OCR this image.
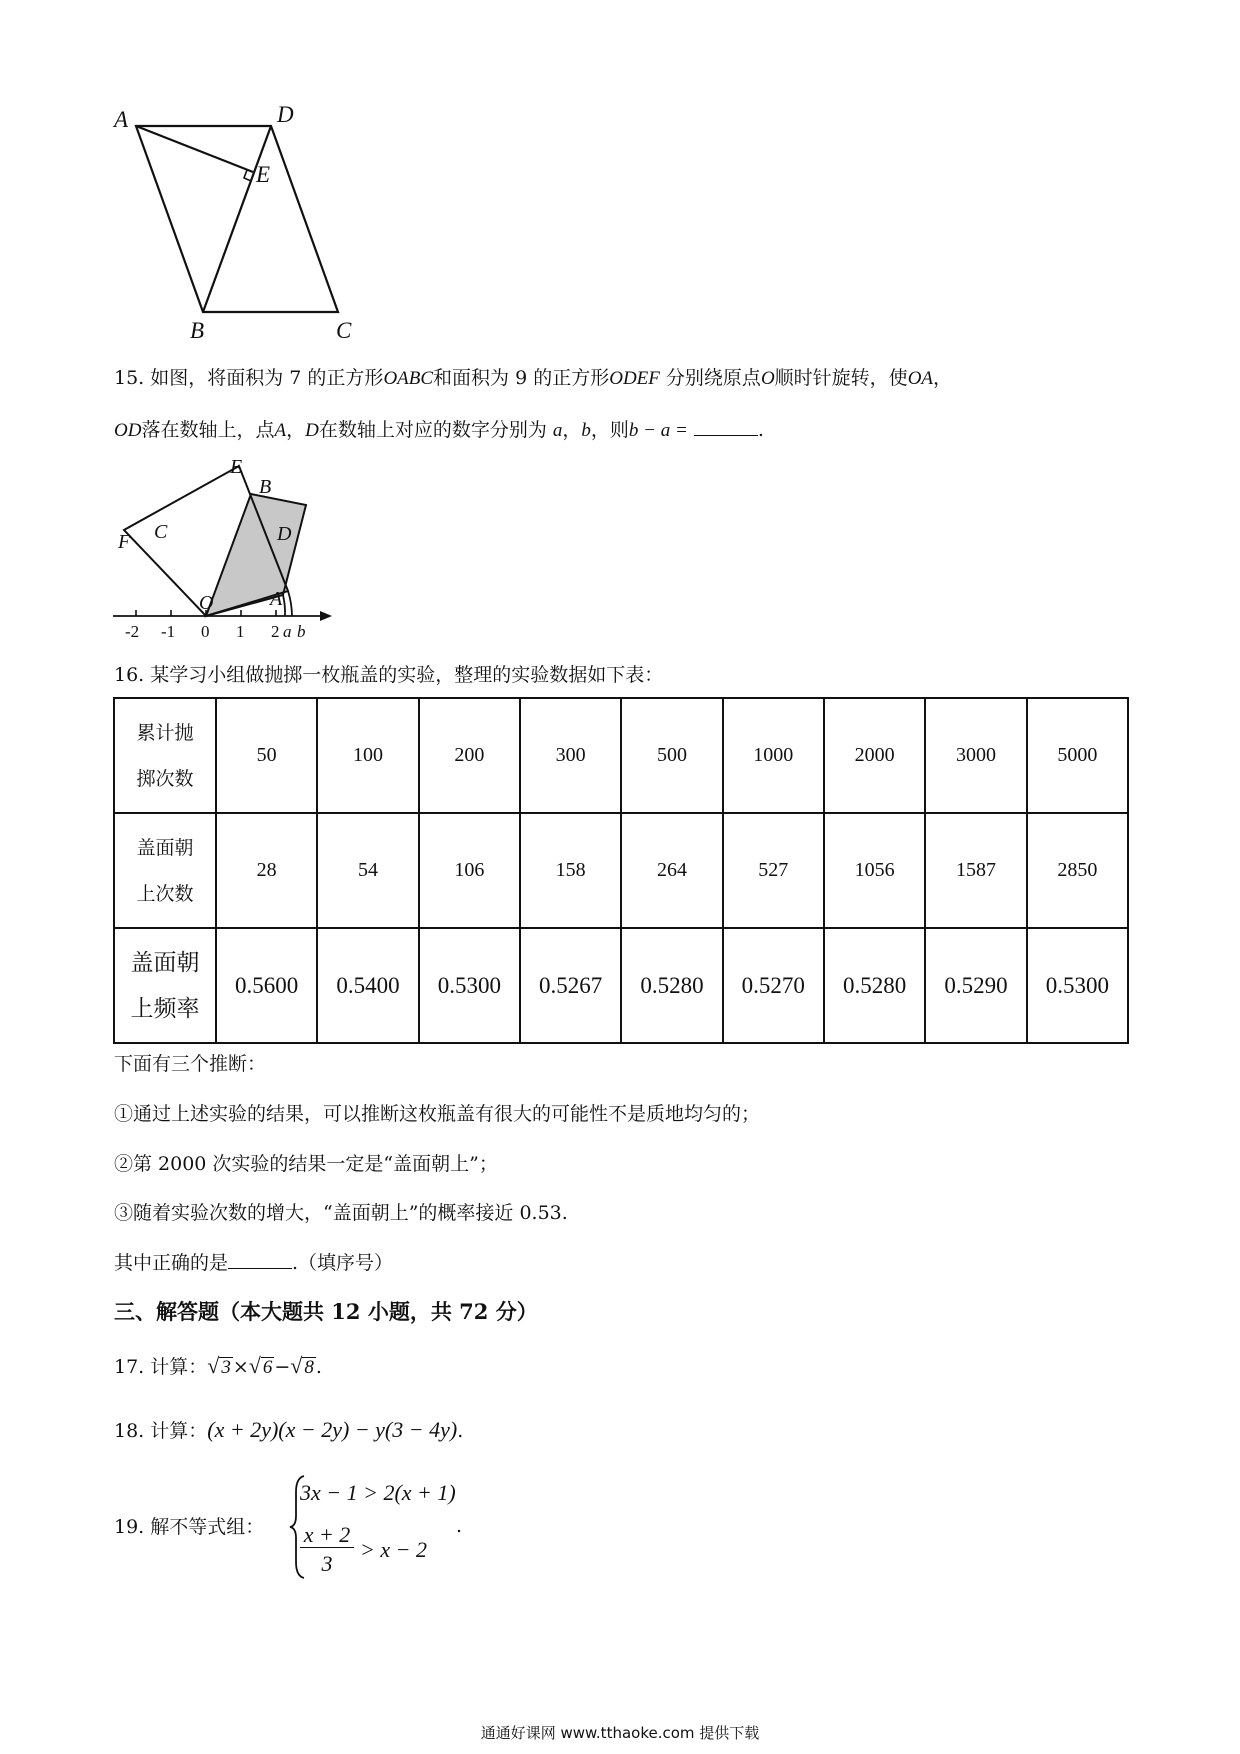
A	D
E
B	C
15. 如图，将面积为 7 的正方形OABC和面积为 9 的正方形ODEF 分别绕原点O顺时针旋转，使OA，
OD落在数轴上，点A，D在数轴上对应的数字分别为 a，b，则b − a =	.
E
B
C	D
F
O	A
-2 -1 0 1 2 a b
16. 某学习小组做抛掷一枚瓶盖的实验，整理的实验数据如下表：
累计抛
掷次数	50	100	200	300	500	1000	2000	3000	5000
盖面朝
上次数	28	54	106	158	264	527	1056	1587	2850
盖面朝
上频率	0.5600	0.5400	0.5300	0.5267	0.5280	0.5270	0.5280	0.5290	0.5300
下面有三个推断：
①通过上述实验的结果，可以推断这枚瓶盖有很大的可能性不是质地均匀的；
②第 2000 次实验的结果一定是“盖面朝上”；
③随着实验次数的增大，“盖面朝上”的概率接近 0.53.
其中正确的是	.（填序号）
三、解答题（本大题共 12 小题，共 72 分）
17. 计算：√ 3 ×√ 6 −√ 8 .
18. 计算：(x + 2y)(x − 2y) − y(3 − 4y).
19. 解不等式组：
3x − 1 > 2(x + 1)
x + 2
3
> x − 2
.
通通好课网 www.tthaoke.com 提供下载
